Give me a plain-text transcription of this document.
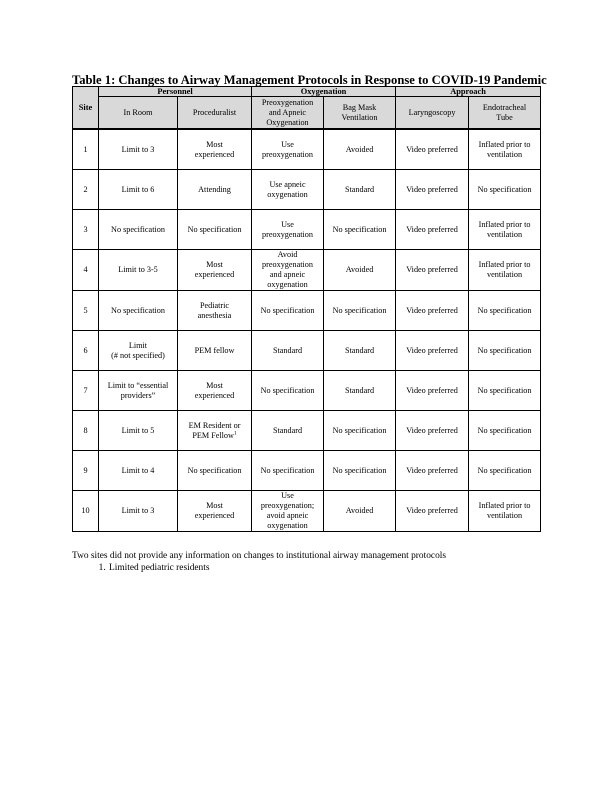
Table 1: Changes to Airway Management Protocols in Response to COVID-19 Pandemic
Site	Personnel		Oxygenation		Approach	
	In Room	Proceduralist	Preoxygenation
and Apneic
Oxygenation	Bag Mask
Ventilation	Laryngoscopy	Endotracheal
Tube

1	Limit to 3	Most
experienced	Use
preoxygenation	Avoided	Video preferred	Inflated prior to
ventilation

2	Limit to 6	Attending	Use apneic
oxygenation	Standard	Video preferred	No specification

3	No specification	No specification	Use
preoxygenation	No specification	Video preferred	Inflated prior to
ventilation

4	Limit to 3-5	Most
experienced	Avoid
preoxygenation
and apneic
oxygenation	Avoided	Video preferred	Inflated prior to
ventilation

5	No specification	Pediatric
anesthesia	No specification	No specification	Video preferred	No specification

6	Limit
(# not specified)	PEM fellow	Standard	Standard	Video preferred	No specification

7	Limit to “essential
providers”	Most
experienced	No specification	Standard	Video preferred	No specification

8	Limit to 5	EM Resident or
PEM Fellow$^1$	Standard	No specification	Video preferred	No specification

9	Limit to 4	No specification	No specification	No specification	Video preferred	No specification

10	Limit to 3	Most
experienced	Use
preoxygenation;
avoid apneic
oxygenation	Avoided	Video preferred	Inflated prior to
ventilation
Two sites did not provide any information on changes to institutional airway management protocols
1. Limited pediatric residents
